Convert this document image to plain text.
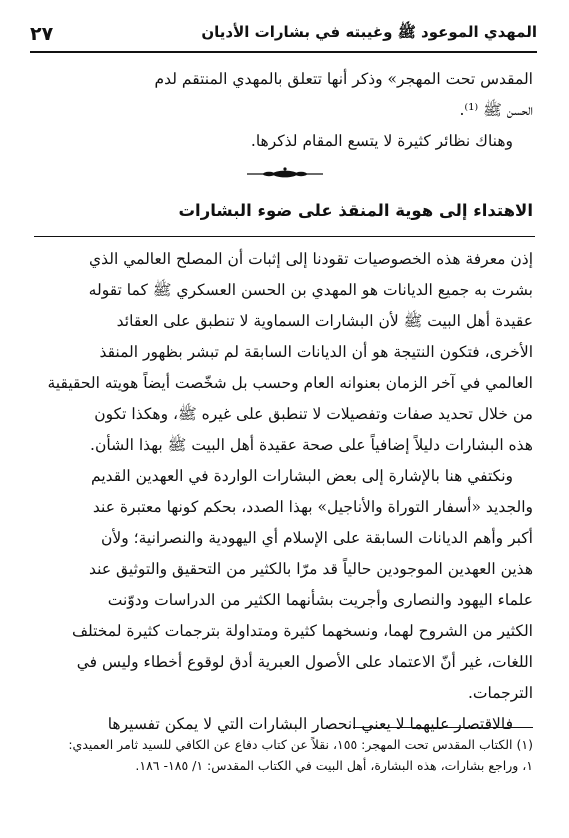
٢٧	المهدي الموعود ﷺ وغيبته في بشارات الأديان

المقدس تحت المهجر» وذكر أنها تتعلق بالمهدي المنتقم لدم

الحسن ﷺ ⁽¹⁾.

وهناك نظائر كثيرة لا يتسع المقام لذكرها.

الاهتداء إلى هوية المنقذ على ضوء البشارات

إذن معرفة هذه الخصوصيات تقودنا إلى إثبات أن المصلح العالمي الذي

بشرت به جميع الديانات هو المهدي بن الحسن العسكري ﷺ كما تقوله

عقيدة أهل البيت ﷺ لأن البشارات السماوية لا تنطبق على العقائد

الأخرى، فتكون النتيجة هو أن الديانات السابقة لم تبشر بظهور المنقذ

العالمي في آخر الزمان بعنوانه العام وحسب بل شخّصت أيضاً هويته الحقيقية

من خلال تحديد صفات وتفصيلات لا تنطبق على غيره ﷺ، وهكذا تكون

هذه البشارات دليلاً إضافياً على صحة عقيدة أهل البيت ﷺ بهذا الشأن.

ونكتفي هنا بالإشارة إلى بعض البشارات الواردة في العهدين القديم

والجديد «أسفار التوراة والأناجيل» بهذا الصدد، بحكم كونها معتبرة عند

أكبر وأهم الديانات السابقة على الإسلام أي اليهودية والنصرانية؛ ولأن

هذين العهدين الموجودين حالياً قد مرّا بالكثير من التحقيق والتوثيق عند

علماء اليهود والنصارى وأجريت بشأنهما الكثير من الدراسات ودوّنت

الكثير من الشروح لهما، ونسخهما كثيرة ومتداولة بترجمات كثيرة لمختلف

اللغات، غير أنّ الاعتماد على الأصول العبرية أدق لوقوع أخطاء وليس في

الترجمات.

فالاقتصار عليهما لا يعني انحصار البشارات التي لا يمكن تفسيرها

(١) الكتاب المقدس تحت المهجر: ١٥٥، نقلاً عن كتاب دفاع عن الكافي للسيد ثامر العميدي:

١، وراجع بشارات، هذه البشارة، أهل البيت في الكتاب المقدس: ١/ ١٨٥- ١٨٦.
